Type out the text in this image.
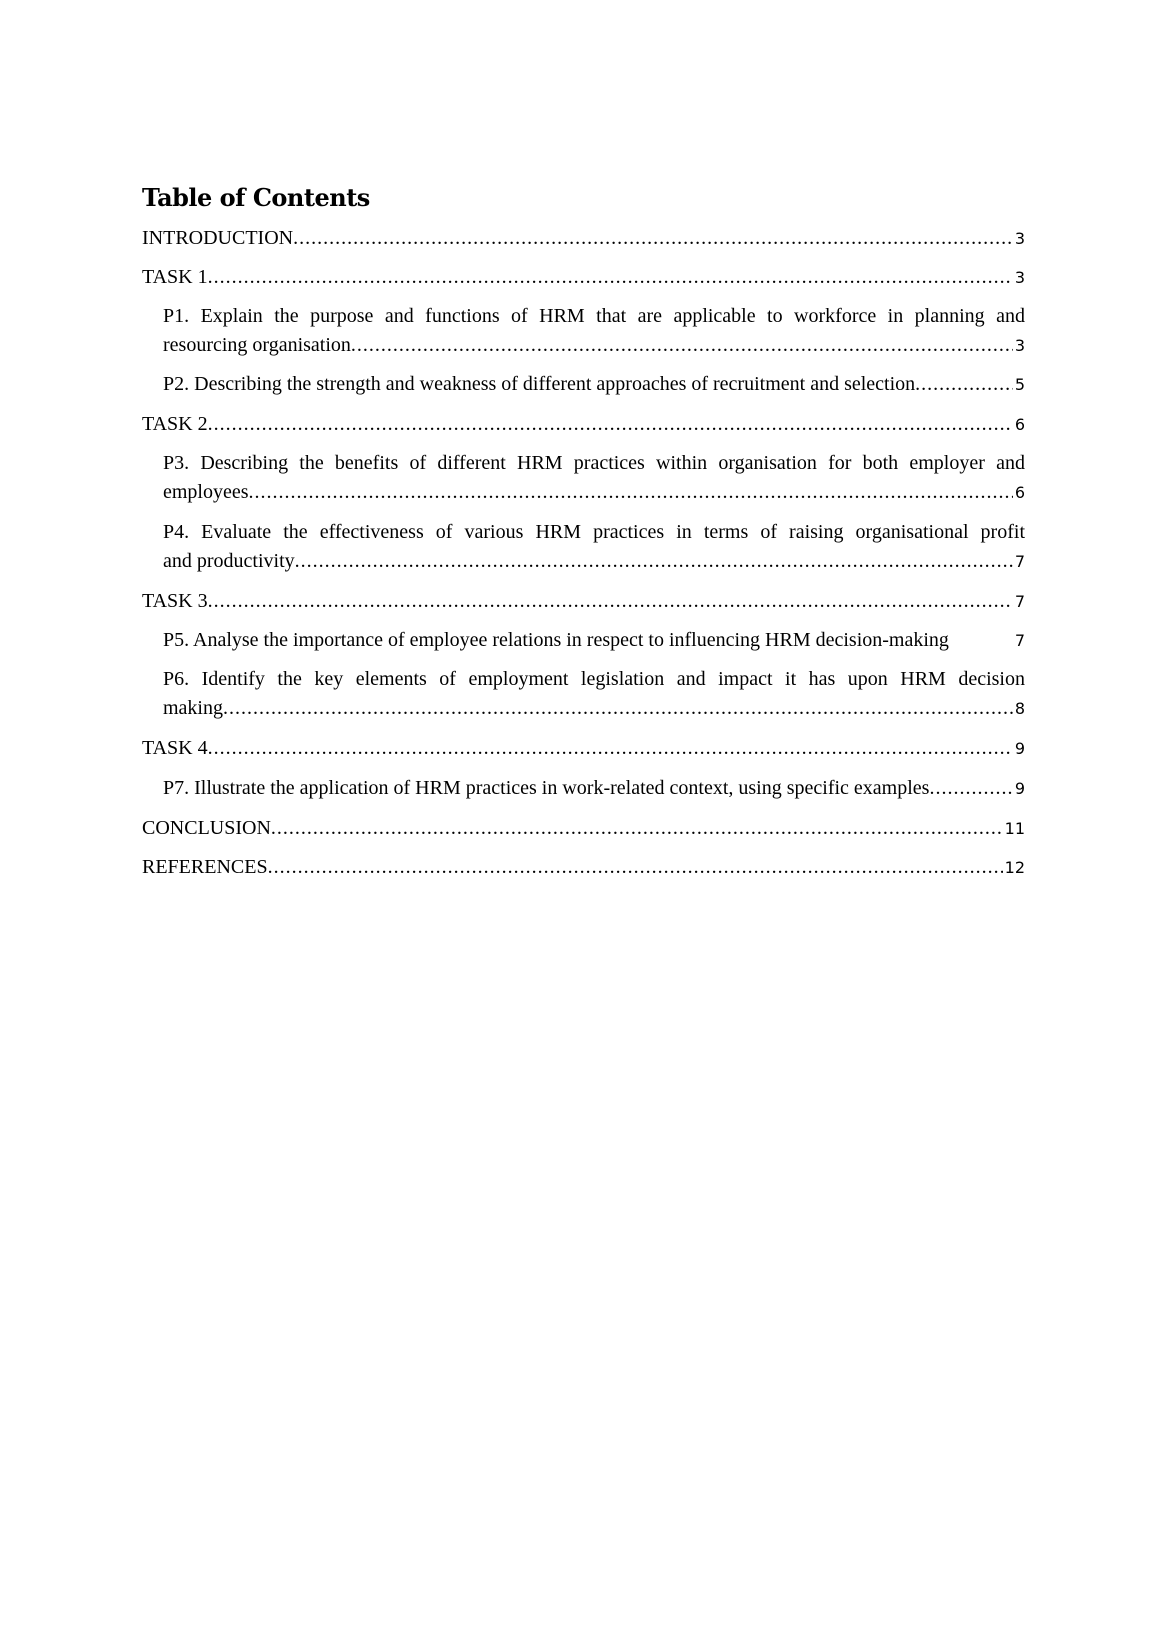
Table of Contents
INTRODUCTION .....	3
TASK 1 .....	3
P1. Explain the purpose and functions of HRM that are applicable to workforce in planning and
resourcing organisation .....	3
P2. Describing the strength and weakness of different approaches of recruitment and selection .....	5
TASK 2 .....	6
P3. Describing the benefits of different HRM practices within organisation for both employer and
employees .....	6
P4. Evaluate the effectiveness of various HRM practices in terms of raising organisational profit
and productivity .....	7
TASK 3 .....	7
P5. Analyse the importance of employee relations in respect to influencing HRM decision-making	7
P6. Identify the key elements of employment legislation and impact it has upon HRM decision
making .....	8
TASK 4 .....	9
P7. Illustrate the application of HRM practices in work-related context, using specific examples .....	9
CONCLUSION .....	11
REFERENCES .....	12
